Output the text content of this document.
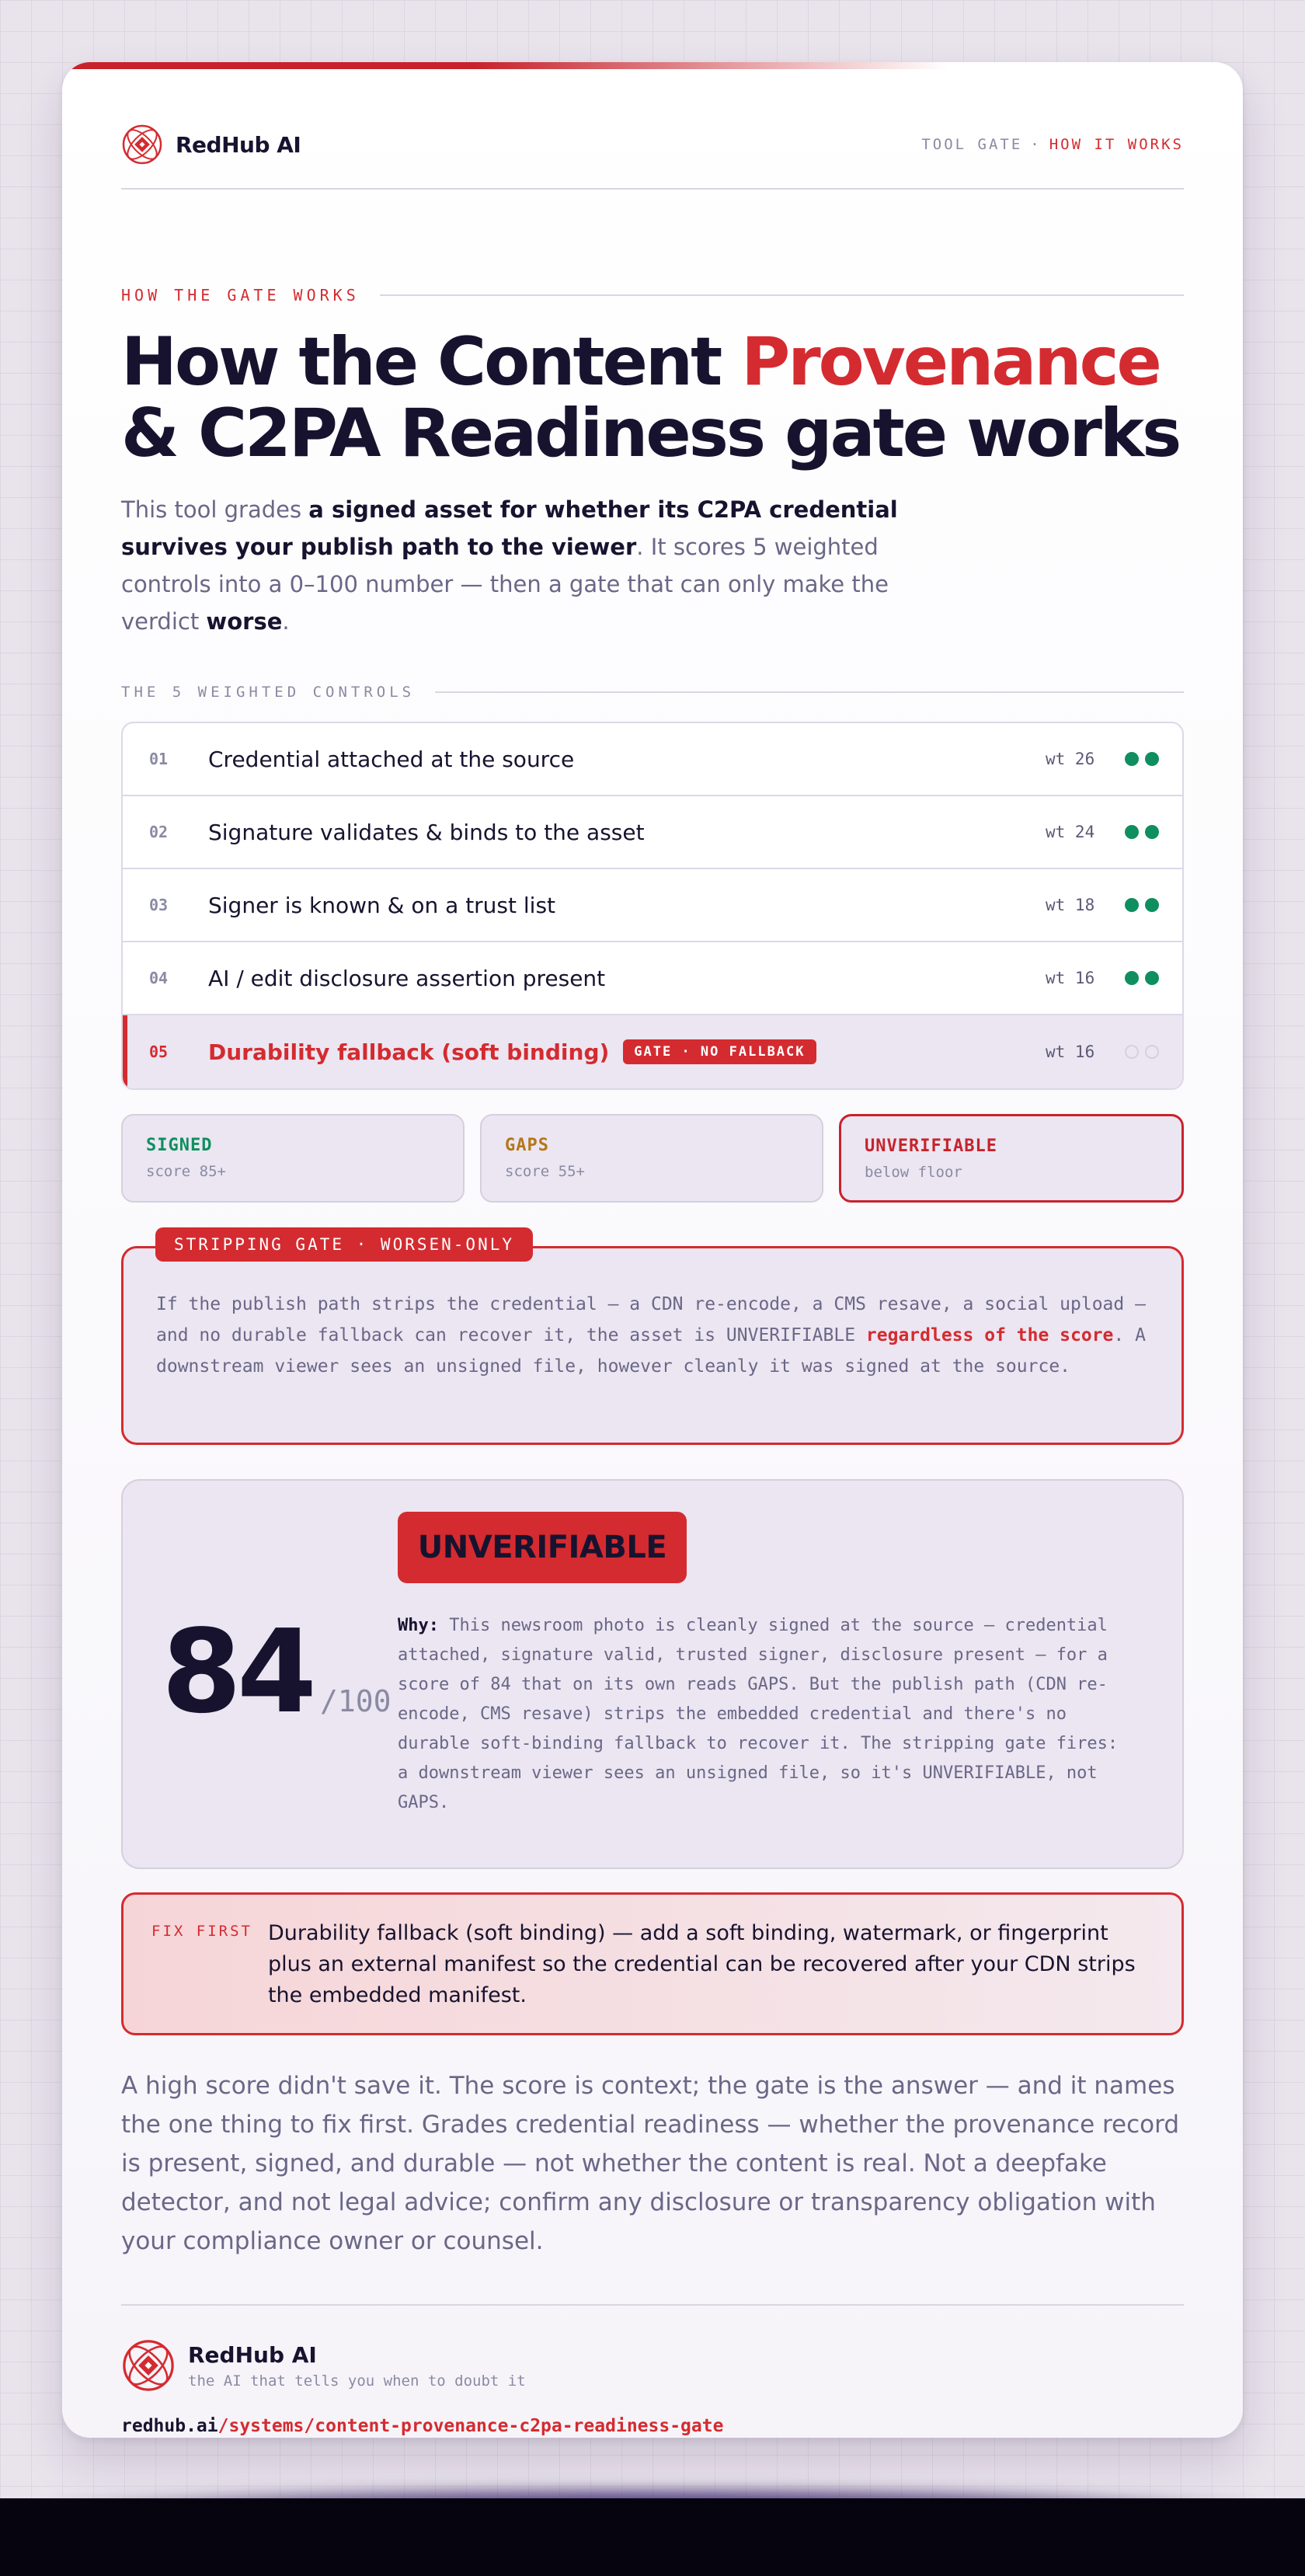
RedHub AI	TOOL GATE · HOW IT WORKS
HOW THE GATE WORKS
How the Content Provenance
& C2PA Readiness gate works

This tool grades a signed asset for whether its C2PA credential survives your publish path to the viewer. It scores 5 weighted controls into a 0–100 number — then a gate that can only make the verdict worse.

THE 5 WEIGHTED CONTROLS
01	Credential attached at the source	wt 26
02	Signature validates & binds to the asset	wt 24
03	Signer is known & on a trust list	wt 18
04	AI / edit disclosure assertion present	wt 16
05	Durability fallback (soft binding)	GATE · NO FALLBACK	wt 16
SIGNED
score 85+
GAPS
score 55+
UNVERIFIABLE
below floor

If the publish path strips the credential — a CDN re-encode, a CMS resave, a social upload — and no durable fallback can recover it, the asset is UNVERIFIABLE regardless of the score. A downstream viewer sees an unsigned file, however cleanly it was signed at the source.

STRIPPING GATE · WORSEN-ONLY
84 /100
UNVERIFIABLE

Why: This newsroom photo is cleanly signed at the source — credential attached, signature valid, trusted signer, disclosure present — for a score of 84 that on its own reads GAPS. But the publish path (CDN re-encode, CMS resave) strips the embedded credential and there's no durable soft-binding fallback to recover it. The stripping gate fires: a downstream viewer sees an unsigned file, so it's UNVERIFIABLE, not GAPS.

FIX FIRST Durability fallback (soft binding) — add a soft binding, watermark, or fingerprint plus an external manifest so the credential can be recovered after your CDN strips the embedded manifest.

A high score didn't save it. The score is context; the gate is the answer — and it names the one thing to fix first. Grades credential readiness — whether the provenance record is present, signed, and durable — not whether the content is real. Not a deepfake detector, and not legal advice; confirm any disclosure or transparency obligation with your compliance owner or counsel.

RedHub AI
the AI that tells you when to doubt it
redhub.ai/systems/content-provenance-c2pa-readiness-gate
